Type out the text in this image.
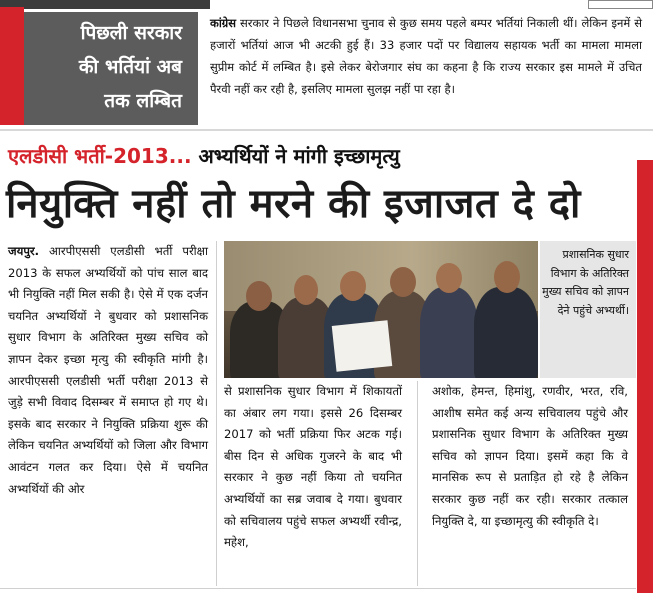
पिछली सरकार
की भर्तियां अब
तक लम्बित
कांग्रेस सरकार ने पिछले विधानसभा चुनाव से कुछ समय पहले बम्पर भर्तियां निकाली थीं। लेकिन इनमें से हजारों भर्तियां आज भी अटकी हुई हैं। 33 हजार पदों पर विद्यालय सहायक भर्ती का मामला मामला सुप्रीम कोर्ट में लम्बित है। इसे लेकर बेरोजगार संघ का कहना है कि राज्य सरकार इस मामले में उचित पैरवी नहीं कर रही है, इसलिए मामला सुलझ नहीं पा रहा है।
एलडीसी भर्ती-2013... अभ्यर्थियों ने मांगी इच्छामृत्यु
नियुक्ति नहीं तो मरने की इजाजत दे दो
जयपुर. आरपीएससी एलडीसी भर्ती परीक्षा 2013 के सफल अभ्यर्थियों को पांच साल बाद भी नियुक्ति नहीं मिल सकी है। ऐसे में एक दर्जन चयनित अभ्यर्थियों ने बुधवार को प्रशासनिक सुधार विभाग के अतिरिक्त मुख्य सचिव को ज्ञापन देकर इच्छा मृत्यु की स्वीकृति मांगी है। आरपीएससी एलडीसी भर्ती परीक्षा 2013 से जुड़े सभी विवाद दिसम्बर में समाप्त हो गए थे। इसके बाद सरकार ने नियुक्ति प्रक्रिया शुरू की लेकिन चयनित अभ्यर्थियों को जिला और विभाग आवंटन गलत कर दिया। ऐसे में चयनित अभ्यर्थियों की ओर
प्रशासनिक सुधार विभाग के अतिरिक्त मुख्य सचिव को ज्ञापन देने पहुंचे अभ्यर्थी।
से प्रशासनिक सुधार विभाग में शिकायतों का अंबार लग गया। इससे 26 दिसम्बर 2017 को भर्ती प्रक्रिया फिर अटक गई। बीस दिन से अधिक गुजरने के बाद भी सरकार ने कुछ नहीं किया तो चयनित अभ्यर्थियों का सब्र जवाब दे गया। बुधवार को सचिवालय पहुंचे सफल अभ्यर्थी रवीन्द्र, महेश,
अशोक, हेमन्त, हिमांशु, रणवीर, भरत, रवि, आशीष समेत कई अन्य सचिवालय पहुंचे और प्रशासनिक सुधार विभाग के अतिरिक्त मुख्य सचिव को ज्ञापन दिया। इसमें कहा कि वे मानसिक रूप से प्रताड़ित हो रहे है लेकिन सरकार कुछ नहीं कर रही। सरकार तत्काल नियुक्ति दे, या इच्छामृत्यु की स्वीकृति दे।
